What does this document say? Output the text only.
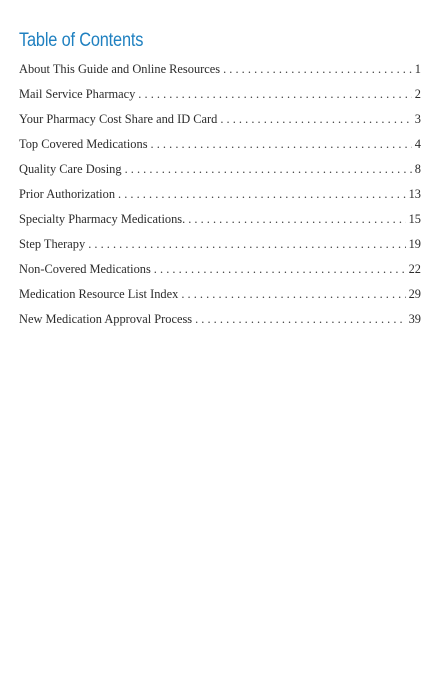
Table of Contents
About This Guide and Online Resources . . .	1
Mail Service Pharmacy . . .	2
Your Pharmacy Cost Share and ID Card . . .	3
Top Covered Medications . . .	4
Quality Care Dosing . . .	8
Prior Authorization . . .	13
Specialty Pharmacy Medications. . . .	15
Step Therapy . . .	19
Non-Covered Medications . . .	22
Medication Resource List Index . . .	29
New Medication Approval Process . . .	39
